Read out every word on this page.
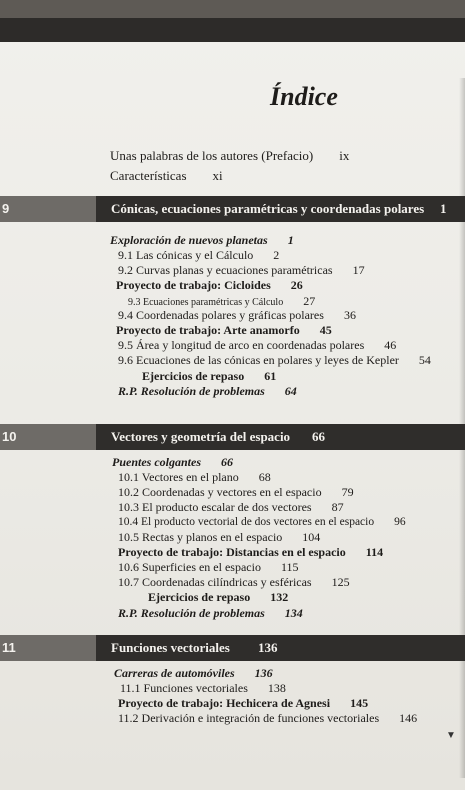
Índice
Unas palabras de los autores (Prefacio) ix
Características xi
9	Cónicas, ecuaciones paramétricas y coordenadas polares 1
Exploración de nuevos planetas 1
9.1 Las cónicas y el Cálculo 2
9.2 Curvas planas y ecuaciones paramétricas 17
Proyecto de trabajo: Cicloides 26
9.3 Ecuaciones paramétricas y Cálculo 27
9.4 Coordenadas polares y gráficas polares 36
Proyecto de trabajo: Arte anamorfo 45
9.5 Área y longitud de arco en coordenadas polares 46
9.6 Ecuaciones de las cónicas en polares y leyes de Kepler 54
Ejercicios de repaso 61
R.P. Resolución de problemas 64
10	Vectores y geometría del espacio 66
Puentes colgantes 66
10.1 Vectores en el plano 68
10.2 Coordenadas y vectores en el espacio 79
10.3 El producto escalar de dos vectores 87
10.4 El producto vectorial de dos vectores en el espacio 96
10.5 Rectas y planos en el espacio 104
Proyecto de trabajo: Distancias en el espacio 114
10.6 Superficies en el espacio 115
10.7 Coordenadas cilíndricas y esféricas 125
Ejercicios de repaso 132
R.P. Resolución de problemas 134
11	Funciones vectoriales 136
Carreras de automóviles 136
11.1 Funciones vectoriales 138
Proyecto de trabajo: Hechicera de Agnesi 145
11.2 Derivación e integración de funciones vectoriales 146
▼
